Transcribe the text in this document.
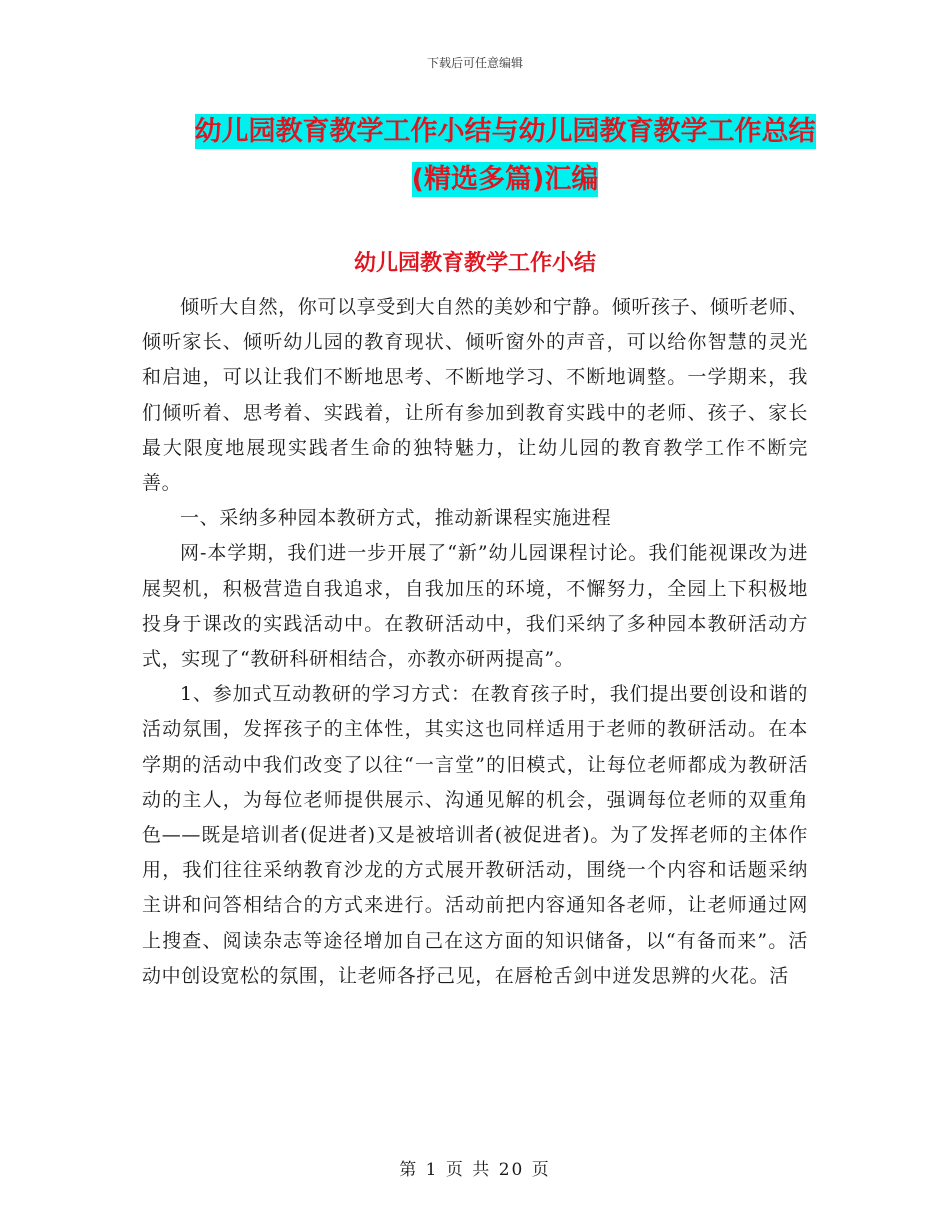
下载后可任意编辑
幼儿园教育教学工作小结与幼儿园教育教学工作总结
(精选多篇)汇编
幼儿园教育教学工作小结

倾听大自然，你可以享受到大自然的美妙和宁静。倾听孩子、倾听老师、倾听家长、倾听幼儿园的教育现状、倾听窗外的声音，可以给你智慧的灵光和启迪，可以让我们不断地思考、不断地学习、不断地调整。一学期来，我们倾听着、思考着、实践着，让所有参加到教育实践中的老师、孩子、家长最大限度地展现实践者生命的独特魅力，让幼儿园的教育教学工作不断完善。

一、采纳多种园本教研方式，推动新课程实施进程

网-本学期，我们进一步开展了“新”幼儿园课程讨论。我们能视课改为进展契机，积极营造自我追求，自我加压的环境，不懈努力，全园上下积极地投身于课改的实践活动中。在教研活动中，我们采纳了多种园本教研活动方式，实现了“教研科研相结合，亦教亦研两提高”。

1、参加式互动教研的学习方式：在教育孩子时，我们提出要创设和谐的活动氛围，发挥孩子的主体性，其实这也同样适用于老师的教研活动。在本学期的活动中我们改变了以往“一言堂”的旧模式，让每位老师都成为教研活动的主人，为每位老师提供展示、沟通见解的机会，强调每位老师的双重角色——既是培训者(促进者)又是被培训者(被促进者)。为了发挥老师的主体作用，我们往往采纳教育沙龙的方式展开教研活动，围绕一个内容和话题采纳主讲和问答相结合的方式来进行。活动前把内容通知各老师，让老师通过网上搜查、阅读杂志等途径增加自己在这方面的知识储备，以“有备而来”。活动中创设宽松的氛围，让老师各抒己见，在唇枪舌剑中迸发思辨的火花。活

第 1 页 共 20 页
